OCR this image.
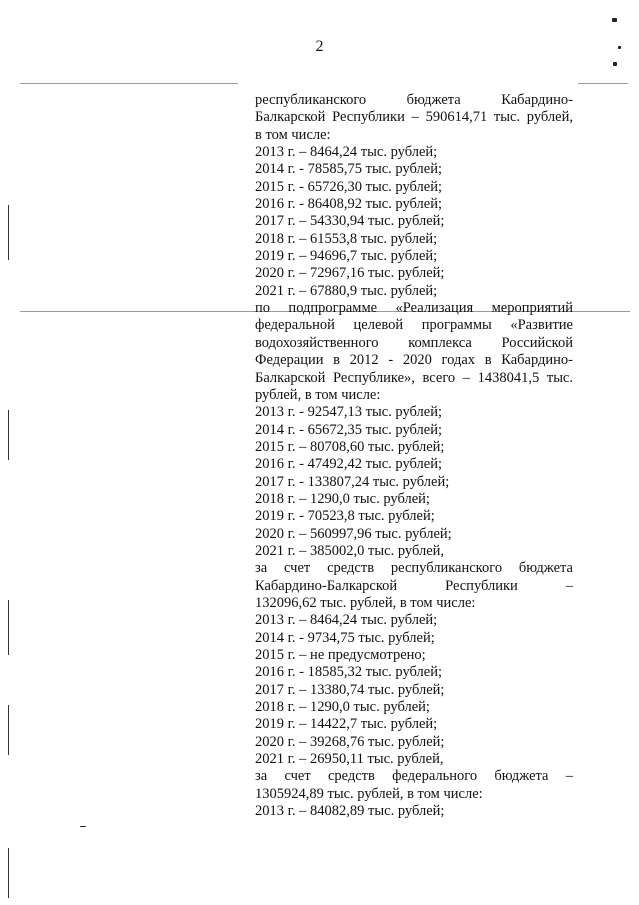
2
республиканского бюджета Кабардино-
Балкарской Республики – 590614,71 тыс. рублей,
в том числе:
2013 г. – 8464,24 тыс. рублей;
2014 г. - 78585,75 тыс. рублей;
2015 г. - 65726,30 тыс. рублей;
2016 г. - 86408,92 тыс. рублей;
2017 г. – 54330,94 тыс. рублей;
2018 г. – 61553,8 тыс. рублей;
2019 г. – 94696,7 тыс. рублей;
2020 г. – 72967,16 тыс. рублей;
2021 г. – 67880,9 тыс. рублей;
по подпрограмме «Реализация мероприятий
федеральной целевой программы «Развитие
водохозяйственного комплекса Российской
Федерации в 2012 - 2020 годах в Кабардино-
Балкарской Республике», всего – 1438041,5 тыс.
рублей, в том числе:
2013 г. - 92547,13 тыс. рублей;
2014 г. - 65672,35 тыс. рублей;
2015 г. – 80708,60 тыс. рублей;
2016 г. - 47492,42 тыс. рублей;
2017 г. - 133807,24 тыс. рублей;
2018 г. – 1290,0 тыс. рублей;
2019 г. - 70523,8 тыс. рублей;
2020 г. – 560997,96 тыс. рублей;
2021 г. – 385002,0 тыс. рублей,
за счет средств республиканского бюджета
Кабардино-Балкарской Республики –
132096,62 тыс. рублей, в том числе:
2013 г. – 8464,24 тыс. рублей;
2014 г. - 9734,75 тыс. рублей;
2015 г. – не предусмотрено;
2016 г. - 18585,32 тыс. рублей;
2017 г. – 13380,74 тыс. рублей;
2018 г. – 1290,0 тыс. рублей;
2019 г. – 14422,7 тыс. рублей;
2020 г. – 39268,76 тыс. рублей;
2021 г. – 26950,11 тыс. рублей,
за счет средств федерального бюджета –
1305924,89 тыс. рублей, в том числе:
2013 г. – 84082,89 тыс. рублей;
